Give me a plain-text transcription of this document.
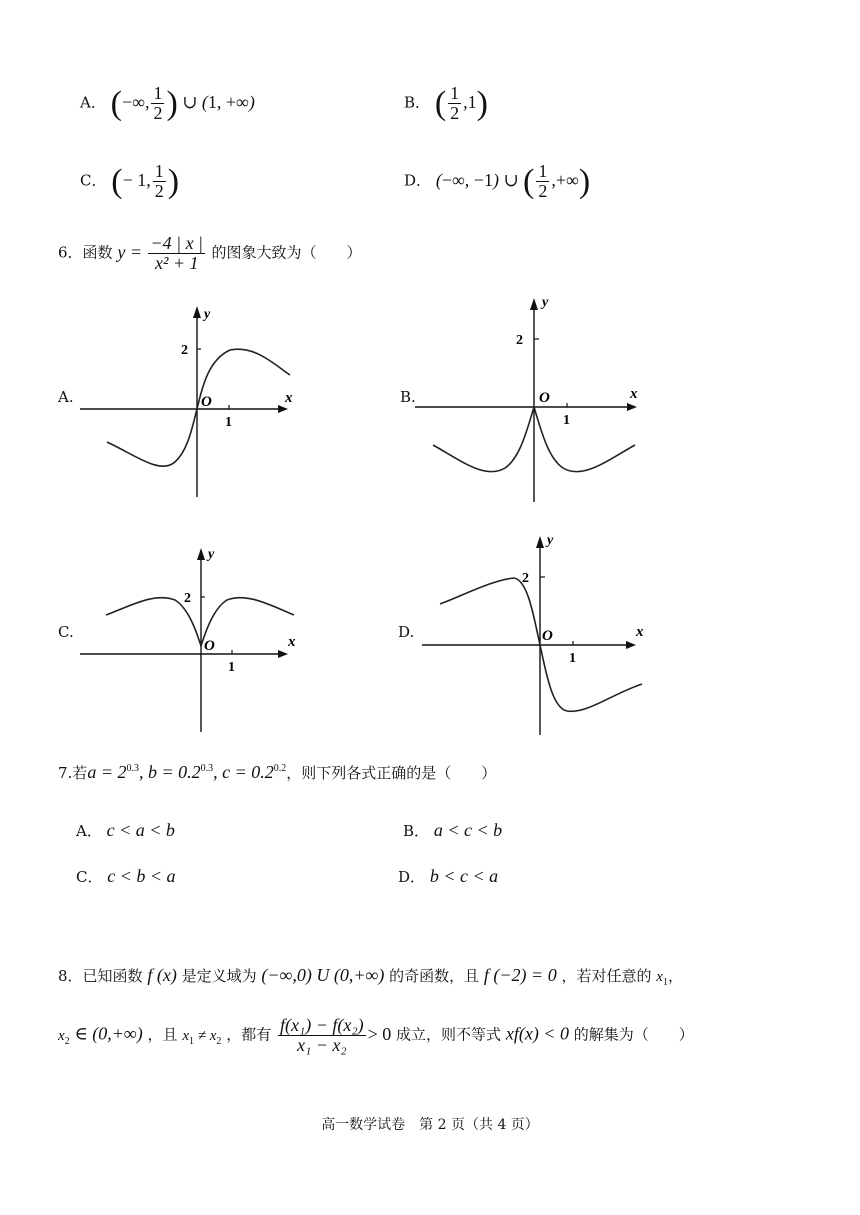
A． (−∞, $\frac{1}{2}$ ) ∪ (1, +∞)	B． ( $\frac{1}{2} ,1$)
C． (− 1, $\frac{1}{2}$ )	D． (−∞, −1) ∪ ( $\frac{1}{2}$ ,+∞)
6．函数 $y = \frac{-4 | x |}{\text{x² + 1}}$ 的图象大致为（　　）
A.
y
2
O
1
x	B.
y
2
O
1
x
C.
y
2
O
1
x
D.
y
2
O
1
x
7.若$a = 2^{0.3}$, $b = 0.2^{0.3}$, $c = 0.2^{0.2}$，则下列各式正确的是（　　）
A． c < a < b	B． a < c < b
C． c < b < a	D． b < c < a
8．已知函数 f (x) 是定义域为 (−∞,0) U (0,+∞) 的奇函数，且 f (−2) = 0 ，若对任意的 $x_1$，
$x_2$ ∈ (0,+∞) ，且 $x_1 \ne x_2$ ，都有 $\frac{\text{f(x₁) − f(x₂)}}{\text{x₁ − x₂}} > 0$ 成立，则不等式 xf(x) < 0 的解集为（　　）
高一数学试卷　第 2 页（共 4 页）
